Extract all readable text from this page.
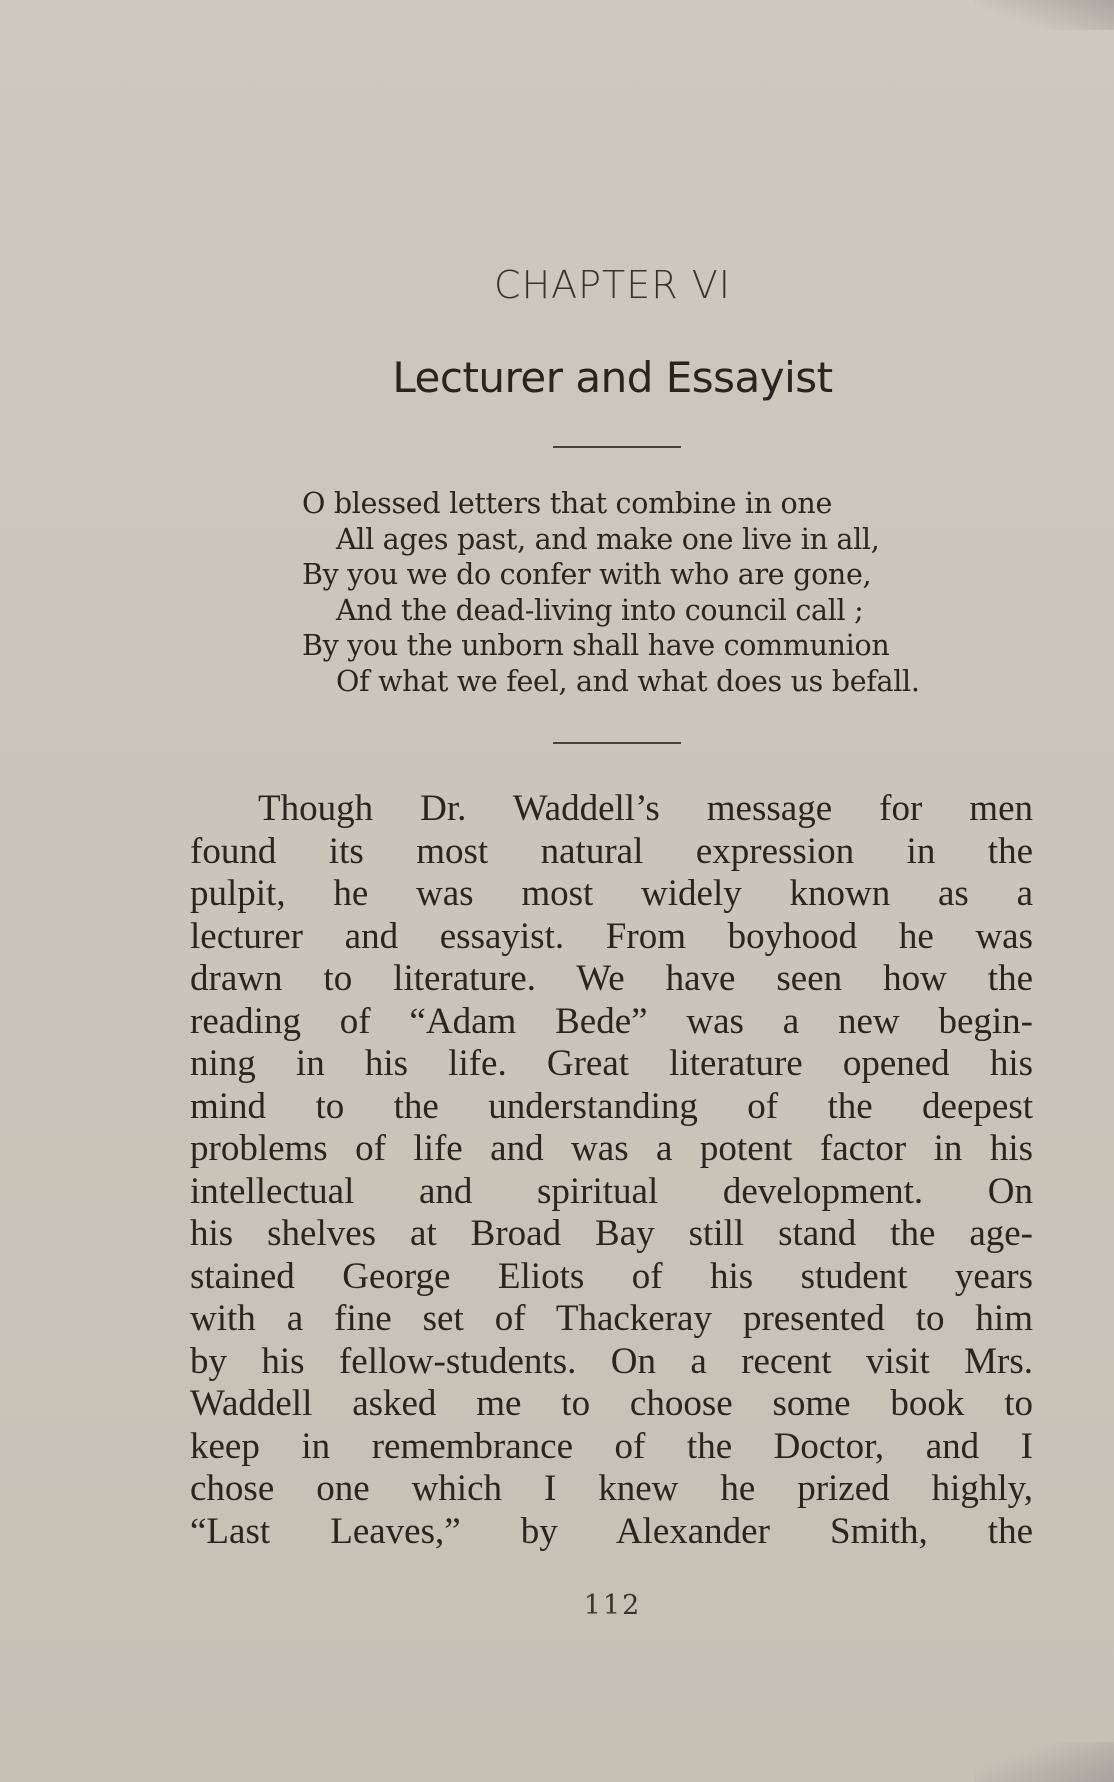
CHAPTER VI
Lecturer and Essayist
O blessed letters that combine in one
All ages past, and make one live in all,
By you we do confer with who are gone,
And the dead-living into council call ;
By you the unborn shall have communion
Of what we feel, and what does us befall.
Though Dr. Waddell’s message for men
found its most natural expression in the
pulpit, he was most widely known as a
lecturer and essayist. From boyhood he was
drawn to literature. We have seen how the
reading of “Adam Bede” was a new begin-
ning in his life. Great literature opened his
mind to the understanding of the deepest
problems of life and was a potent factor in his
intellectual and spiritual development. On
his shelves at Broad Bay still stand the age-
stained George Eliots of his student years
with a fine set of Thackeray presented to him
by his fellow-students. On a recent visit Mrs.
Waddell asked me to choose some book to
keep in remembrance of the Doctor, and I
chose one which I knew he prized highly,
“Last Leaves,” by Alexander Smith, the
112
